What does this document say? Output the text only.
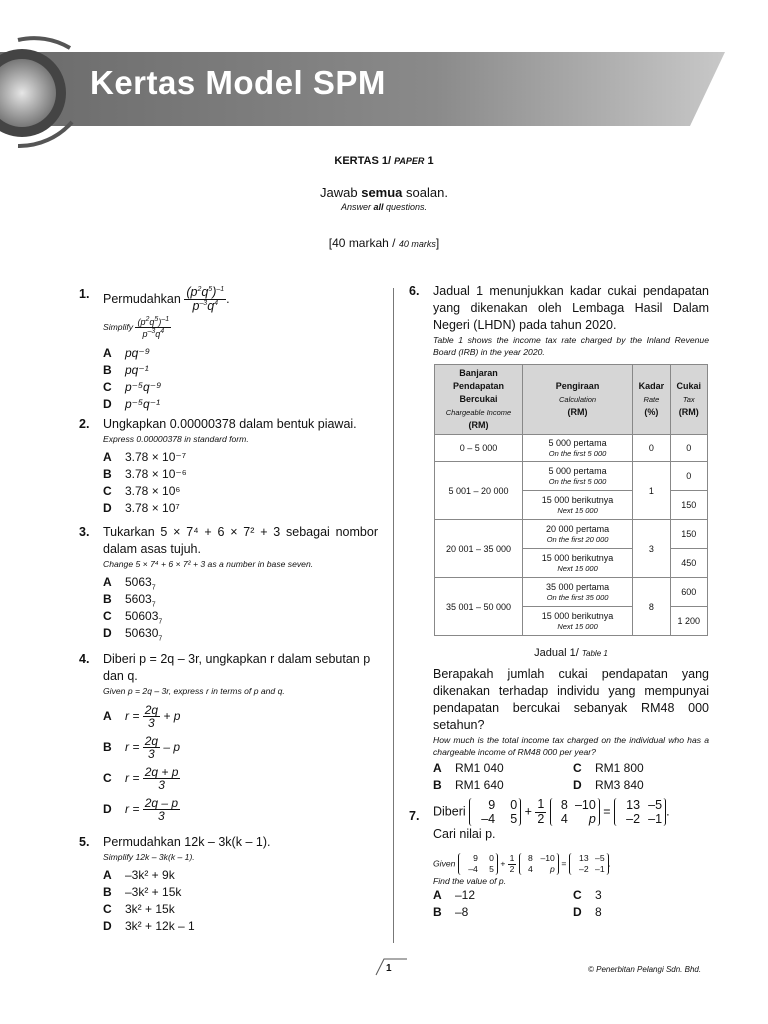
Kertas Model SPM
KERTAS 1/ PAPER 1
Jawab semua soalan.
Answer all questions.
[40 markah / 40 marks]
1. Permudahkan $\frac{(p^2q^5)^{-1}}{p^{-3}q^4}$ .
Simplify $\frac{(p^2q^5)^{-1}}{p^{-3}q^4}$
A pq⁻⁹
B pq⁻¹
C p⁻⁵q⁻⁹
D p⁻⁵q⁻¹
2. Ungkapkan 0.00000378 dalam bentuk piawai.
Express 0.00000378 in standard form.
A 3.78 × 10⁻⁷
B 3.78 × 10⁻⁶
C 3.78 × 10⁶
D 3.78 × 10⁷
3. Tukarkan 5 × 7⁴ + 6 × 7² + 3 sebagai nombor dalam asas tujuh.
Change 5 × 7⁴ + 6 × 7² + 3 as a number in base seven.
A $5063_7$
B $5603_7$
C $50603_7$
D $50630_7$
4. Diberi p = 2q – 3r, ungkapkan r dalam sebutan p dan q.
Given p = 2q – 3r, express r in terms of p and q.
A $r = \frac{2q}{3} + p$
B $r = \frac{2q}{3} - p$
C $r = \frac{2q + p}{3}$
D $r = \frac{2q - p}{3}$
5. Permudahkan 12k – 3k(k – 1).
Simplify 12k – 3k(k – 1).
A –3k² + 9k
B –3k² + 15k
C 3k² + 15k
D 3k² + 12k – 1
6. Jadual 1 menunjukkan kadar cukai pendapatan yang dikenakan oleh Lembaga Hasil Dalam Negeri (LHDN) pada tahun 2020.
Table 1 shows the income tax rate charged by the Inland Revenue Board (IRB) in the year 2020.
Banjaran Pendapatan Bercukai
Chargeable Income
(RM)	Pengiraan
Calculation
(RM)	Kadar
Rate
(%)	Cukai
Tax
(RM)
0 – 5 000	5 000 pertama
On the first 5 000	0	0
5 001 – 20 000	5 000 pertama
On the first 5 000	1	0
	15 000 berikutnya
Next 15 000		150
20 001 – 35 000	20 000 pertama
On the first 20 000	3	150
	15 000 berikutnya
Next 15 000		450
35 001 – 50 000	35 000 pertama
On the first 35 000	8	600
	15 000 berikutnya
Next 15 000		1 200
Jadual 1/ Table 1
Berapakah jumlah cukai pendapatan yang dikenakan terhadap individu yang mempunyai pendapatan bercukai sebanyak RM48 000 setahun?
How much is the total income tax charged on the individual who has a chargeable income of RM48 000 per year?
A RM1 040	C RM1 800
B RM1 640	D RM3 840
7. Diberi 9 0
–4 $5 + \frac{1}{2} 8$ –10
4 p = 13 –5
–2 –1.
Cari nilai p.
Given 9 0
–4 $5 + \frac{1}{2} 8$ –10
4 p = 13 –5
–2 –1.
Find the value of p.
A –12	C 3
B –8	D 8
1	© Penerbitan Pelangi Sdn. Bhd.
